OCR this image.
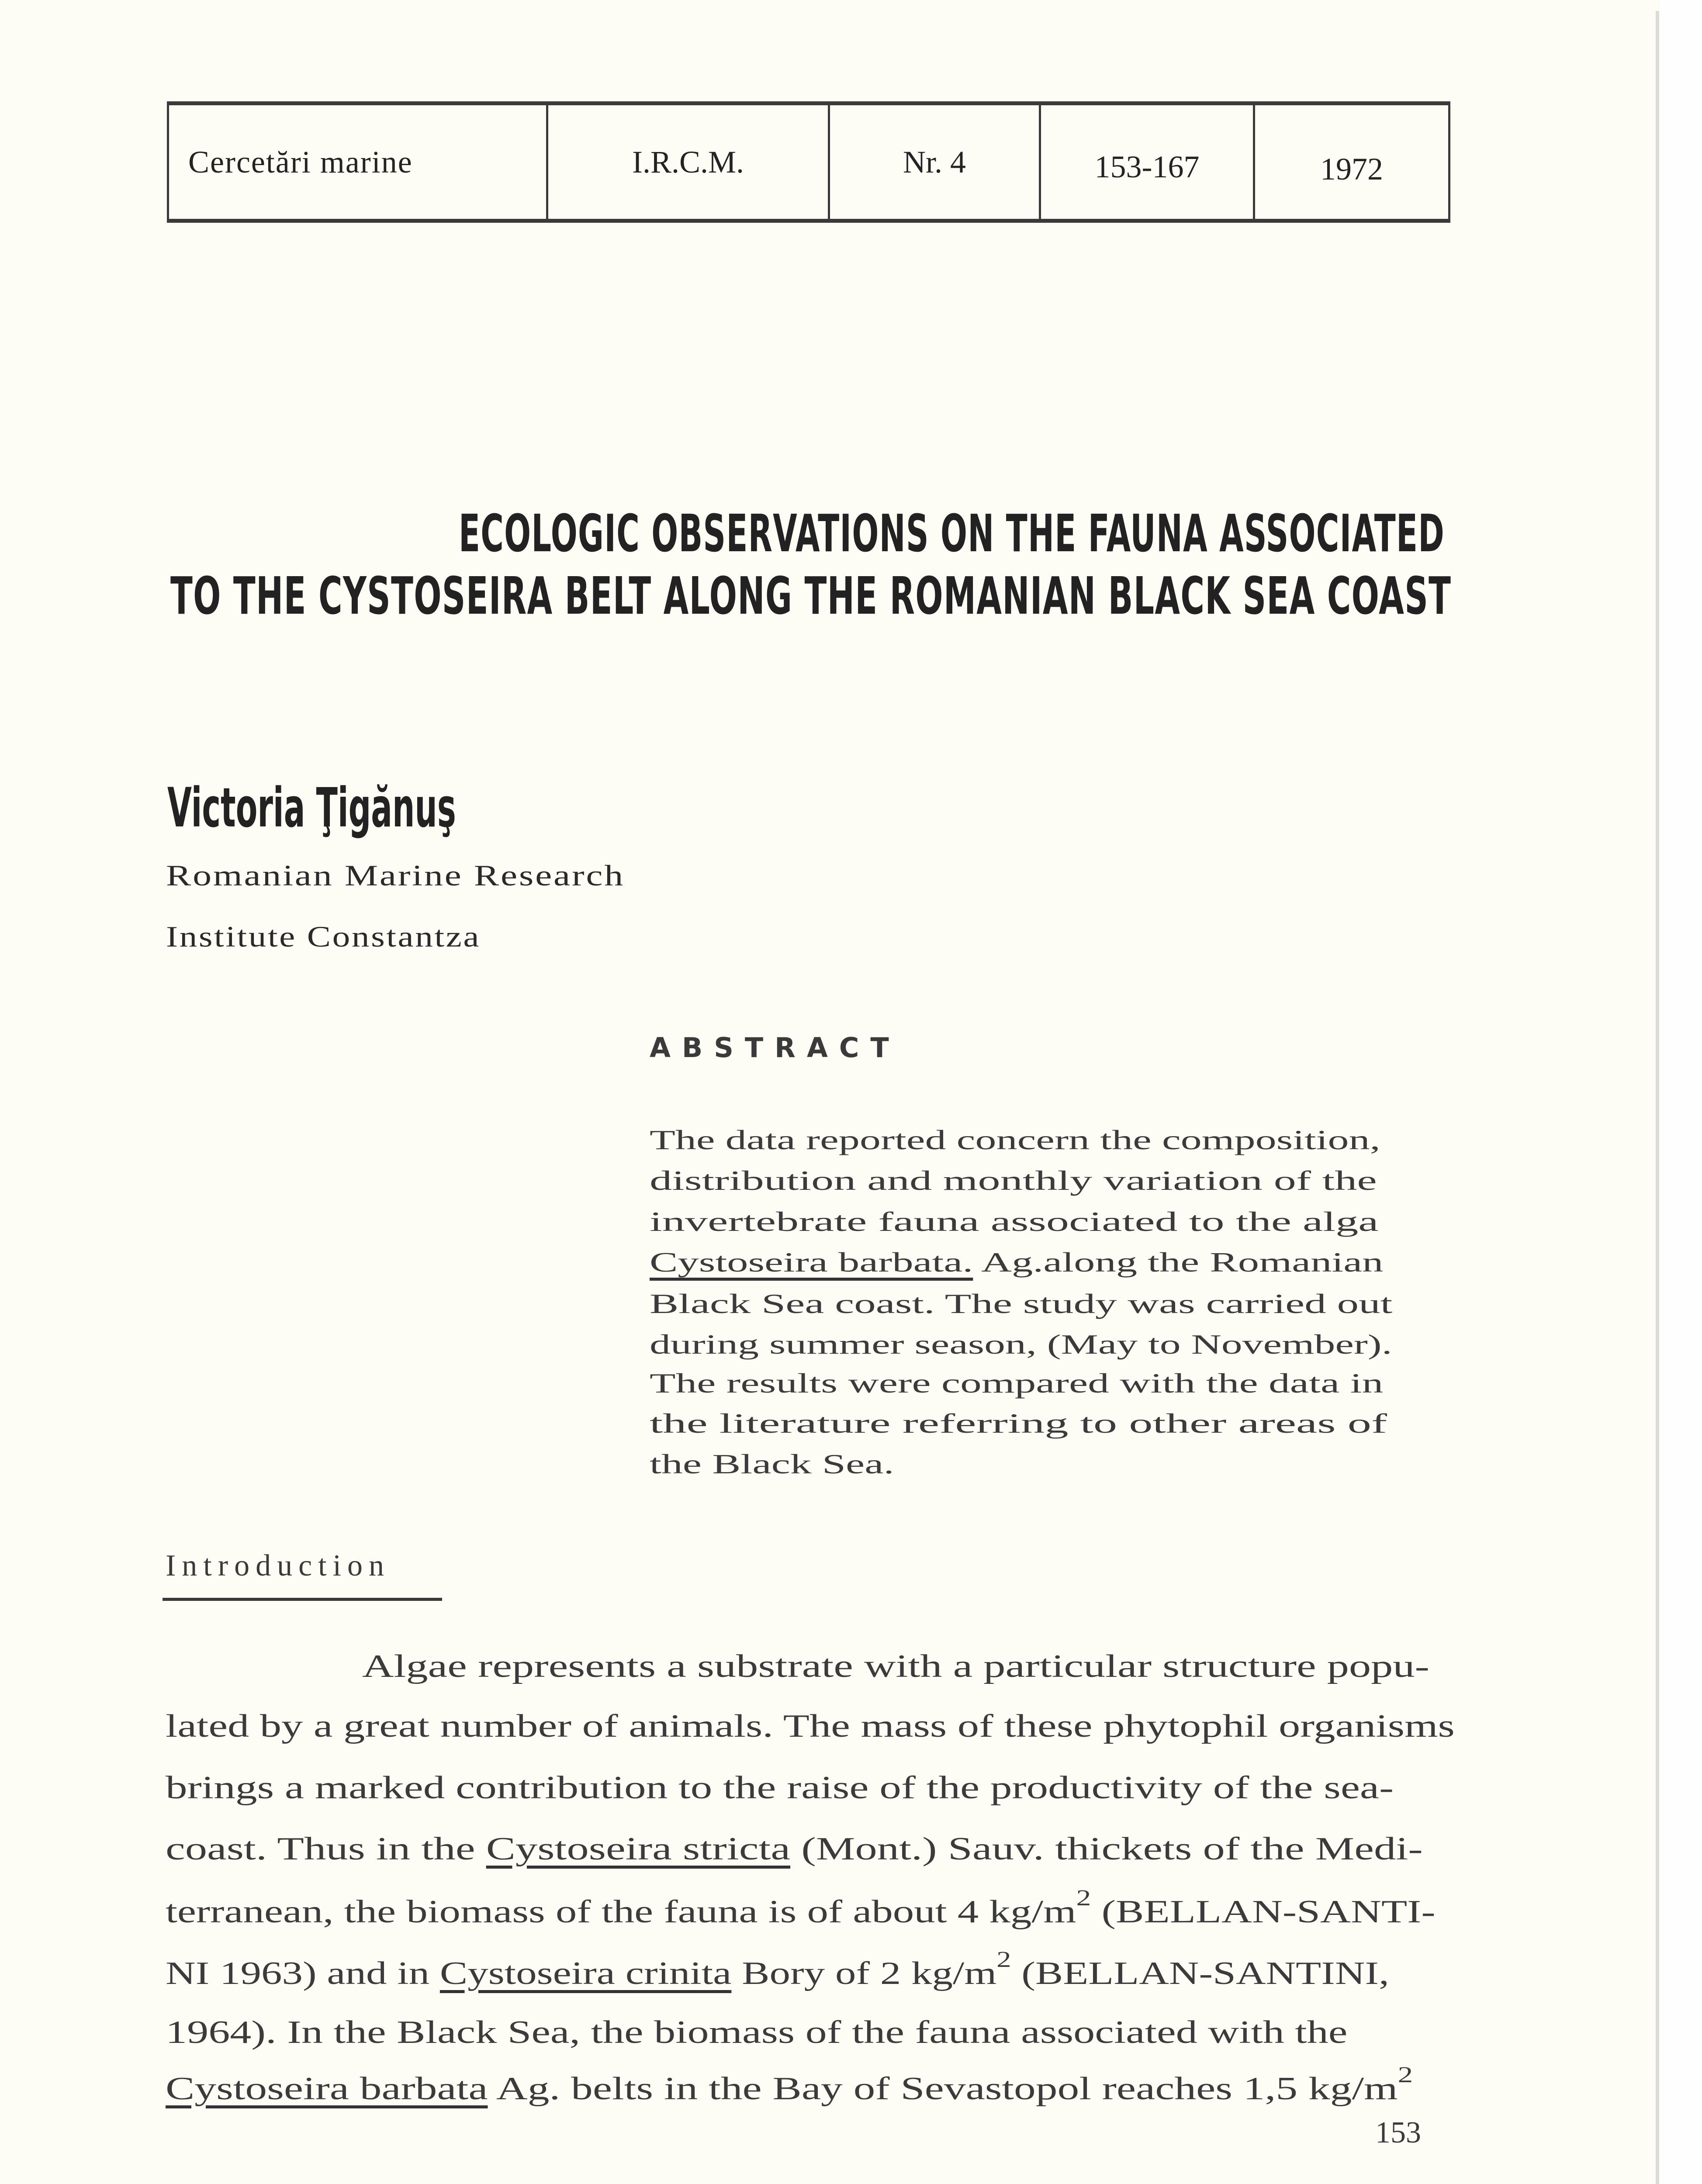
Cercetări marine	I.R.C.M.	Nr. 4	153-167	1972
ECOLOGIC OBSERVATIONS ON THE FAUNA ASSOCIATED
TO THE CYSTOSEIRA BELT ALONG THE ROMANIAN BLACK SEA COAST
Victoria Ţigănuş
Romanian Marine Research
Institute Constantza
ABSTRACT
The data reported concern the composition,
distribution and monthly variation of the
invertebrate fauna associated to the alga
Cystoseira barbata. Ag.along the Romanian
Black Sea coast. The study was carried out
during summer season, (May to November).
The results were compared with the data in
the literature referring to other areas of
the Black Sea.
Introduction
Algae represents a substrate with a particular structure popu-
lated by a great number of animals. The mass of these phytophil organisms
brings a marked contribution to the raise of the productivity of the sea-
coast. Thus in the Cystoseira stricta (Mont.) Sauv. thickets of the Medi-
terranean, the biomass of the fauna is of about 4 $kg/m^2$ (BELLAN-SANTI-
NI 1963) and in Cystoseira crinita Bory of 2 $kg/m^2$ (BELLAN-SANTINI,
1964). In the Black Sea, the biomass of the fauna associated with the
Cystoseira barbata Ag. belts in the Bay of Sevastopol reaches 1,5 $kg/m^2$
153
